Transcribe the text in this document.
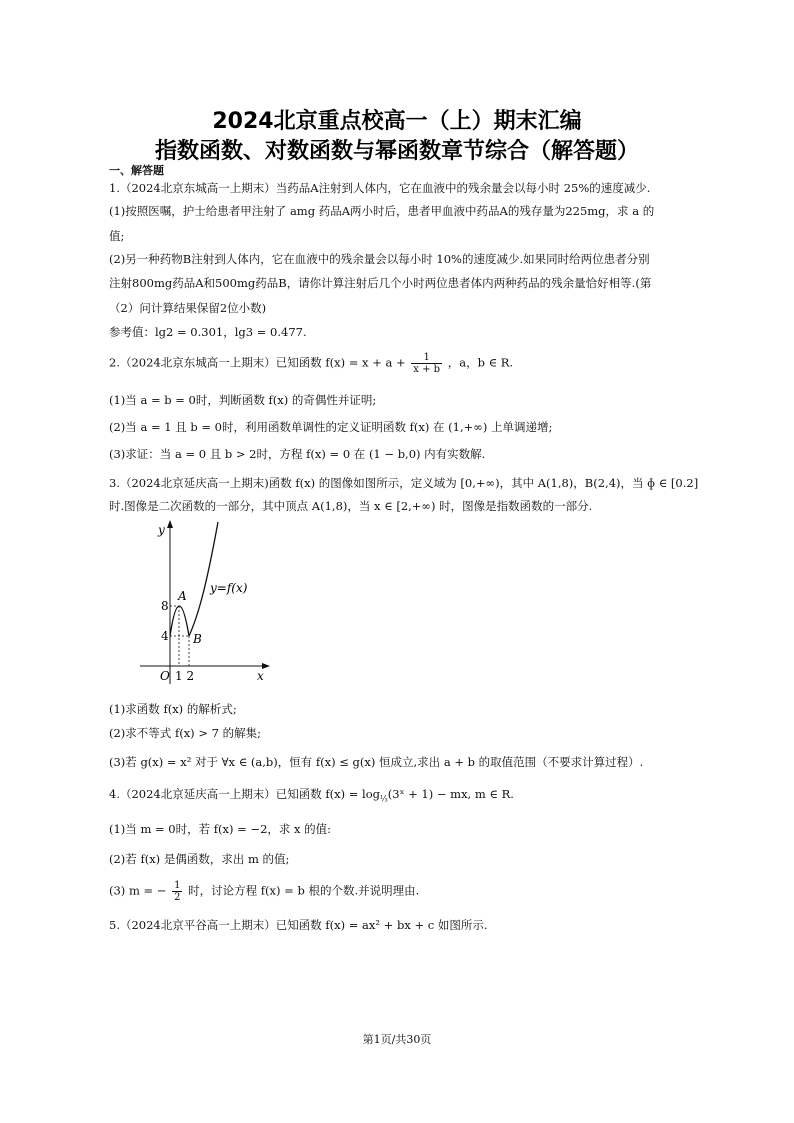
2024北京重点校高一（上）期末汇编
指数函数、对数函数与幂函数章节综合（解答题）
一、解答题
1.（2024北京东城高一上期末）当药品A注射到人体内，它在血液中的残余量会以每小时 25%的速度减少.
(1)按照医嘱，护士给患者甲注射了 amg 药品A两小时后，患者甲血液中药品A的残存量为225mg，求 a 的
值;
(2)另一种药物B注射到人体内，它在血液中的残余量会以每小时 10%的速度减少.如果同时给两位患者分别
注射800mg药品A和500mg药品B，请你计算注射后几个小时两位患者体内两种药品的残余量恰好相等.(第
（2）问计算结果保留2位小数)
参考值：lg2 = 0.301，lg3 = 0.477.
2.（2024北京东城高一上期末）已知函数 $f(x) = x + a + \frac{1}{x + b}$ ，a，b ∈ R.
(1)当 a = b = 0时，判断函数 f(x) 的奇偶性并证明;
(2)当 a = 1 且 b = 0时，利用函数单调性的定义证明函数 f(x) 在 (1,+∞) 上单调递增;
(3)求证：当 a = 0 且 b > 2时，方程 f(x) = 0 在 (1 − b,0) 内有实数解.
3.（2024北京延庆高一上期末)函数 f(x) 的图像如图所示，定义域为 [0,+∞)，其中 A(1,8)，B(2,4)，当 ɸ ∈ [0.2]
时.图像是二次函数的一部分，其中顶点 A(1,8)，当 x ∈ [2,+∞) 时，图像是指数函数的一部分.
y
x
O
y=f(x)
A
B
8
4
1 2
(1)求函数 f(x) 的解析式;
(2)求不等式 f(x) > 7 的解集;
(3)若 g(x) = x² 对于 ∀x ∈ (a,b)，恒有 f(x) ≤ g(x) 恒成立,求出 a + b 的取值范围（不要求计算过程）.
4.（2024北京延庆高一上期末）已知函数 $f(x) = \log_{\frac{1}{3}}(3ˣ + 1)$ − mx, m ∈ R.
(1)当 m = 0时，若 f(x) = −2，求 x 的值:
(2)若 f(x) 是偶函数，求出 m 的值;
(3) m = − $\frac{1}{2}$ 时，讨论方程 f(x) = b 根的个数.并说明理由.
5.（2024北京平谷高一上期末）已知函数 f(x) = ax² + bx + c 如图所示.
第1页/共30页
